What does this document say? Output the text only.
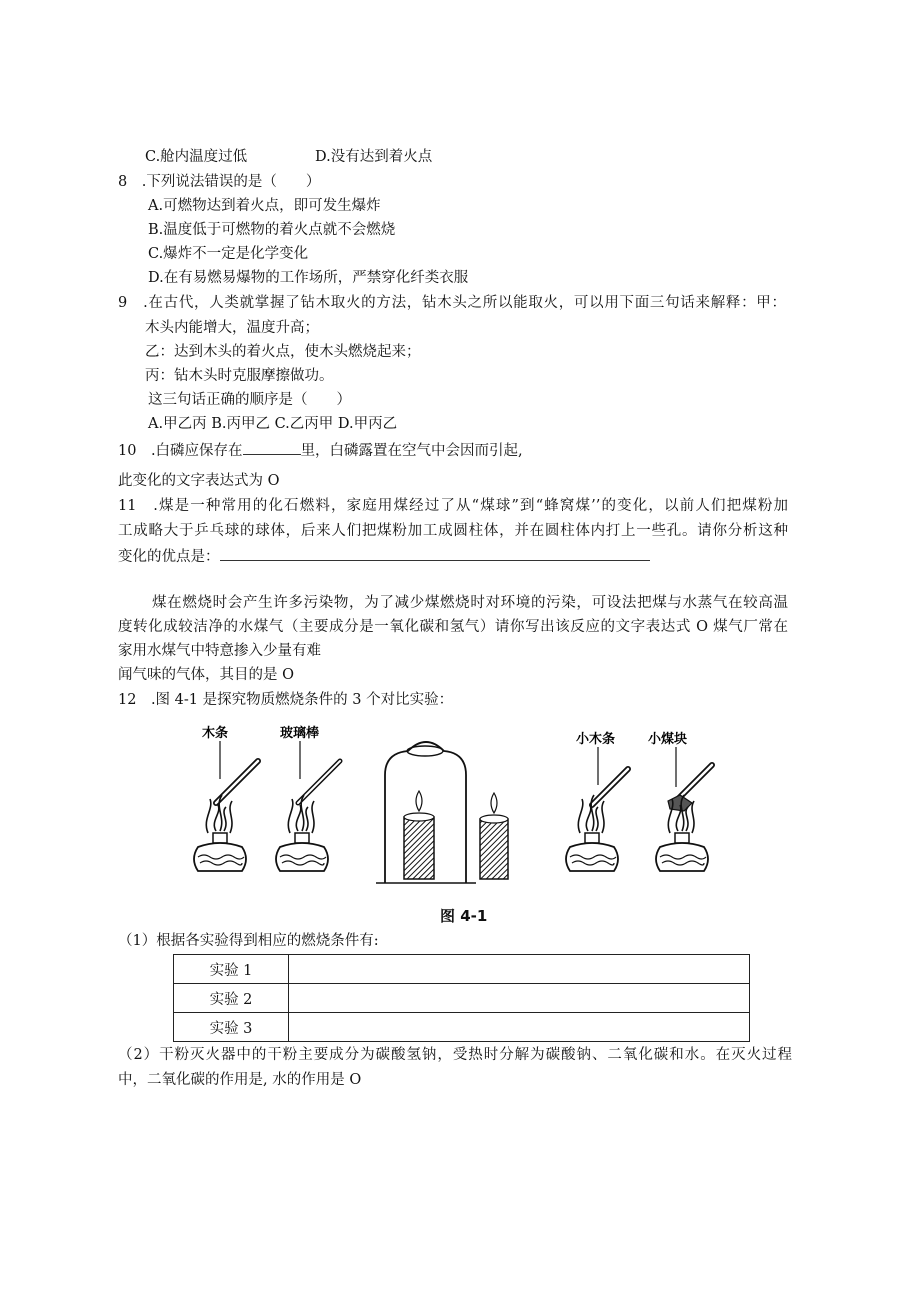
C.舱内温度过低	D.没有达到着火点
8　.下列说法错误的是（　　）
A.可燃物达到着火点，即可发生爆炸
B.温度低于可燃物的着火点就不会燃烧
C.爆炸不一定是化学变化
D.在有易燃易爆物的工作场所，严禁穿化纤类衣服
9　.在古代，人类就掌握了钻木取火的方法，钻木头之所以能取火，可以用下面三句话来解释：甲：
木头内能增大，温度升高；
乙：达到木头的着火点，使木头燃烧起来；
丙：钻木头时克服摩擦做功。
这三句话正确的顺序是（　　）
A.甲乙丙 B.丙甲乙 C.乙丙甲 D.甲丙乙
10　.白磷应保存在	里，白磷露置在空气中会因而引起,
此变化的文字表达式为 O
11　.煤是一种常用的化石燃料，家庭用煤经过了从“煤球”到“蜂窝煤’’的变化，以前人们把煤粉加
工成略大于乒乓球的球体，后来人们把煤粉加工成圆柱体，并在圆柱体内打上一些孔。请你分析这种
变化的优点是：
煤在燃烧时会产生许多污染物，为了减少煤燃烧时对环境的污染，可设法把煤与水蒸气在较高温
度转化成较洁净的水煤气（主要成分是一氧化碳和氢气）请你写出该反应的文字表达式 O 煤气厂常在
家用水煤气中特意掺入少量有难
闻气味的气体，其目的是 O
12　.图 4-1 是探究物质燃烧条件的 3 个对比实验：
木条	玻璃棒	小木条	小煤块
图 4-1
（1）根据各实验得到相应的燃烧条件有:
实验 1	
实验 2	
实验 3	
（2）干粉灭火器中的干粉主要成分为碳酸氢钠，受热时分解为碳酸钠、二氧化碳和水。在灭火过程
中，二氧化碳的作用是, 水的作用是 O
